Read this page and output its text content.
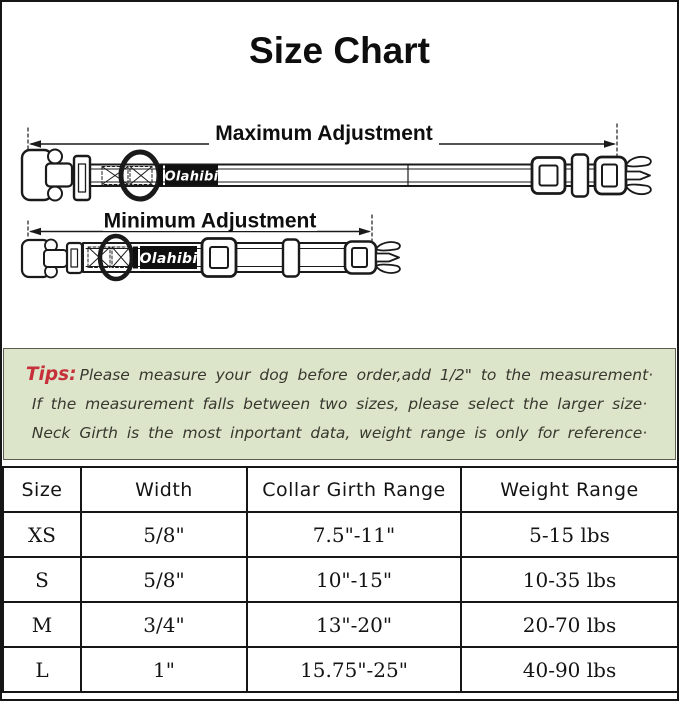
Size Chart
Maximum Adjustment
Olahibi
Minimum Adjustment
Olahibi
Tips: Please measure your dog before order,add 1/2" to the measurement·
If the measurement falls between two sizes, please select the larger size·
Neck Girth is the most inportant data, weight range is only for reference·
Size	Width	Collar Girth Range	Weight Range
XS	5/8"	7.5"-11"	5-15 lbs
S	5/8"	10"-15"	10-35 lbs
M	3/4"	13"-20"	20-70 lbs
L	1"	15.75"-25"	40-90 lbs
